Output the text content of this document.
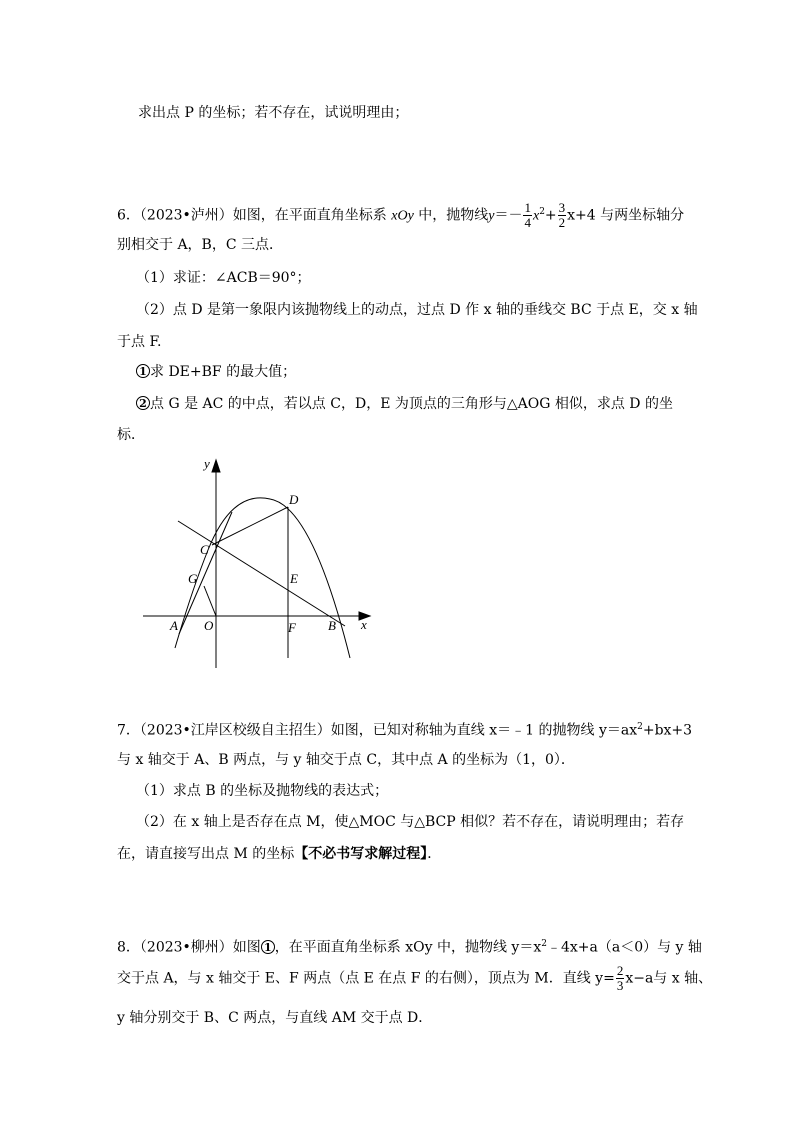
求出点 P 的坐标；若不存在，试说明理由；
6．（2023•泸州）如图，在平面直角坐标系 xOy 中，抛物线$y=- \frac{1}{4} x^2+ \frac{3}{2} x+4$ 与两坐标轴分
别相交于 A，B，C 三点．
（1）求证：∠ACB＝90°；
（2）点 D 是第一象限内该抛物线上的动点，过点 D 作 x 轴的垂线交 BC 于点 E，交 x 轴
于点 F.
1 求 DE+BF 的最大值；
2 点 G 是 AC 的中点，若以点 C，D，E 为顶点的三角形与△AOG 相似，求点 D 的坐
标．
y
x
D
C
G	E
A O	F B
7．（2023•江岸区校级自主招生）如图，已知对称轴为直线 x＝﹣1 的抛物线 $y=ax^2+bx+3$
与 x 轴交于 A、B 两点，与 y 轴交于点 C，其中点 A 的坐标为（1，0）．
（1）求点 B 的坐标及抛物线的表达式；
（2）在 x 轴上是否存在点 M，使△MOC 与△BCP 相似？若不存在，请说明理由；若存
在，请直接写出点 M 的坐标【不必书写求解过程】．
8．（2023•柳州）如图 1 ，在平面直角坐标系 xOy 中，抛物线 $y=x^2﹣4x+a(a<0)$与 y 轴
交于点 A，与 x 轴交于 E、F 两点（点 E 在点 F 的右侧），顶点为 M．直线 $y= \frac{2}{3} x-a$与 x 轴、
y 轴分别交于 B、C 两点，与直线 AM 交于点 D．
